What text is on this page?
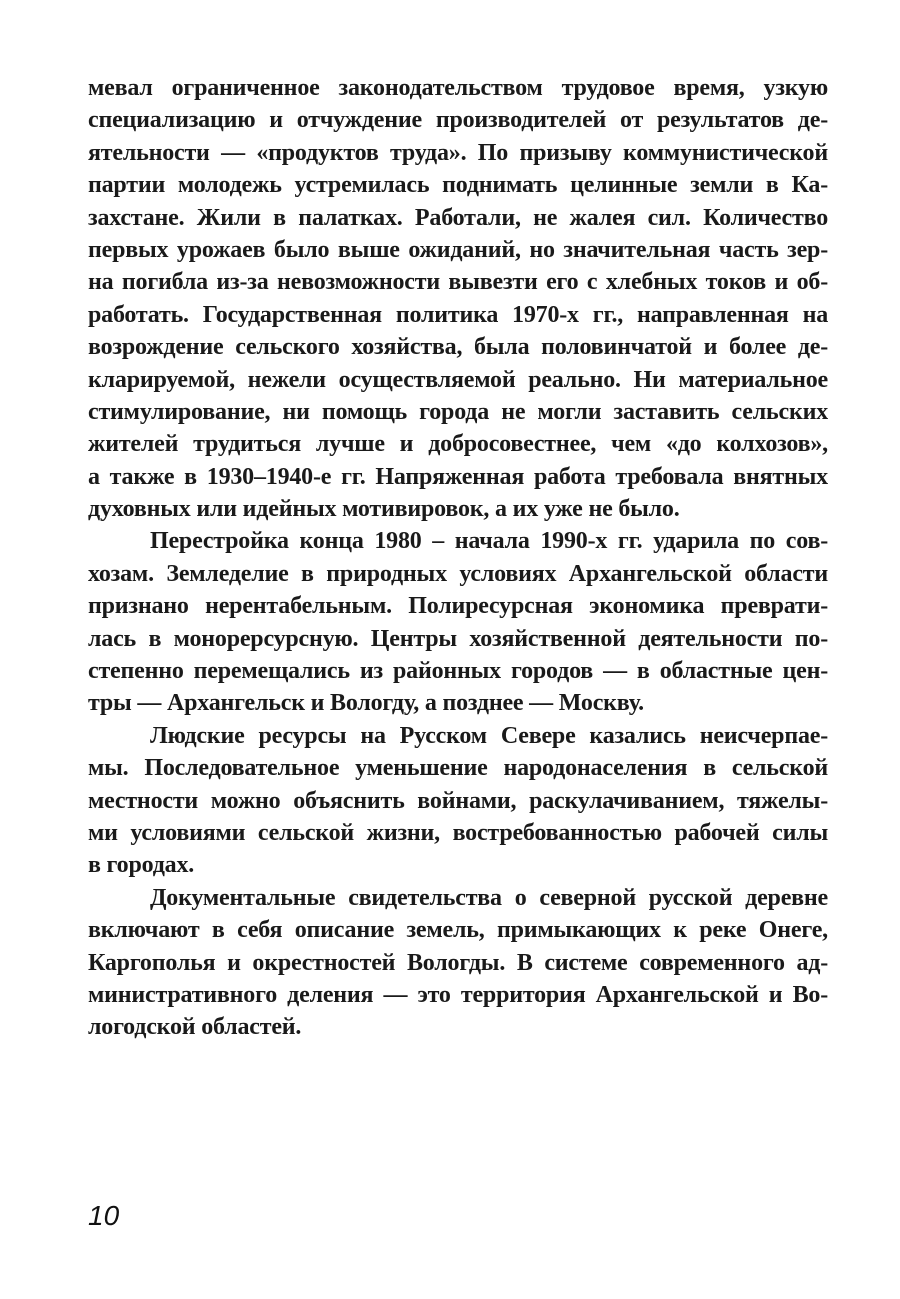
мевал ограниченное законодательством трудовое время, узкую
специализацию и отчуждение производителей от результатов де-
ятельности — «продуктов труда». По призыву коммунистической
партии молодежь устремилась поднимать целинные земли в Ка-
захстане. Жили в палатках. Работали, не жалея сил. Количество
первых урожаев было выше ожиданий, но значительная часть зер-
на погибла из-за невозможности вывезти его с хлебных токов и об-
работать. Государственная политика 1970-х гг., направленная на
возрождение сельского хозяйства, была половинчатой и более де-
кларируемой, нежели осуществляемой реально. Ни материальное
стимулирование, ни помощь города не могли заставить сельских
жителей трудиться лучше и добросовестнее, чем «до колхозов»,
а также в 1930–1940-е гг. Напряженная работа требовала внятных
духовных или идейных мотивировок, а их уже не было.
Перестройка конца 1980 – начала 1990-х гг. ударила по сов-
хозам. Земледелие в природных условиях Архангельской области
признано нерентабельным. Полиресурсная экономика преврати-
лась в монорерсурсную. Центры хозяйственной деятельности по-
степенно перемещались из районных городов — в областные цен-
тры — Архангельск и Вологду, а позднее — Москву.
Людские ресурсы на Русском Севере казались неисчерпае-
мы. Последовательное уменьшение народонаселения в сельской
местности можно объяснить войнами, раскулачиванием, тяжелы-
ми условиями сельской жизни, востребованностью рабочей силы
в городах.
Документальные свидетельства о северной русской деревне
включают в себя описание земель, примыкающих к реке Онеге,
Каргополья и окрестностей Вологды. В системе современного ад-
министративного деления — это территория Архангельской и Во-
логодской областей.
10
